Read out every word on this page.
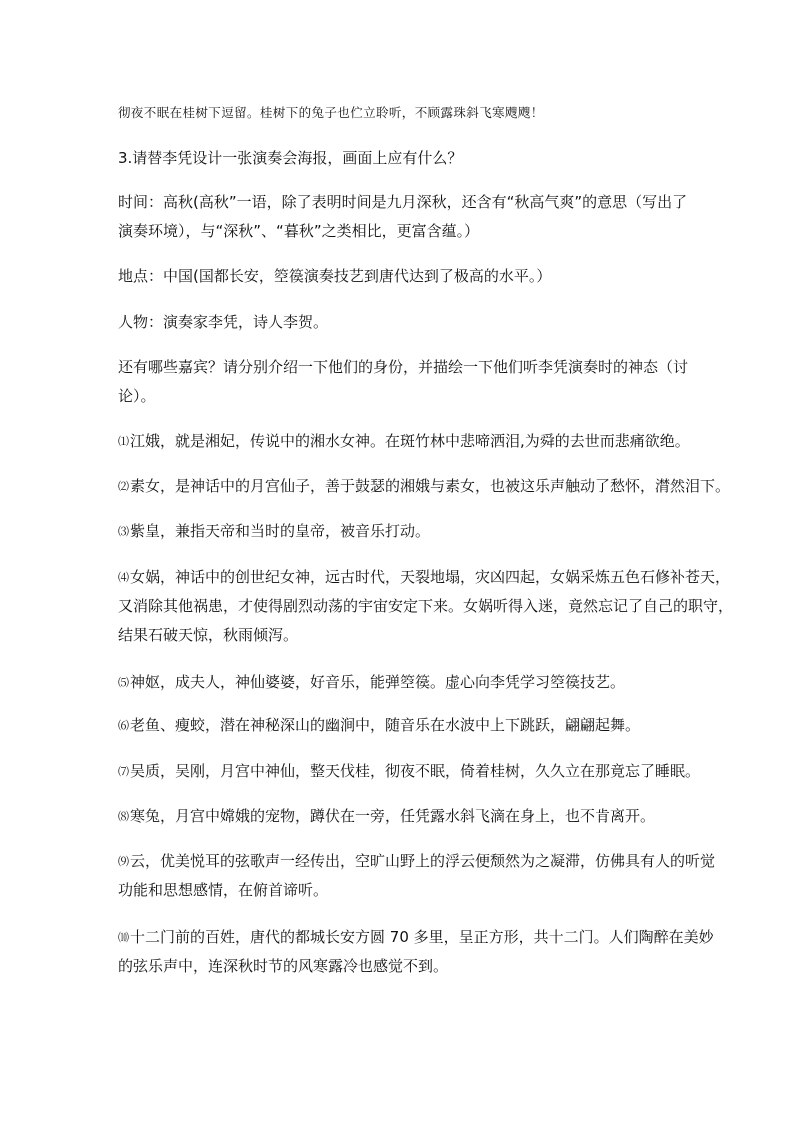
彻夜不眠在桂树下逗留。桂树下的兔子也伫立聆听，不顾露珠斜飞寒飕飕！
3.请替李凭设计一张演奏会海报，画面上应有什么？
时间：高秋(高秋”一语，除了表明时间是九月深秋，还含有“秋高气爽”的意思（写出了
演奏环境），与“深秋”、“暮秋”之类相比，更富含蕴。）
地点：中国(国都长安，箜篌演奏技艺到唐代达到了极高的水平。）
人物：演奏家李凭，诗人李贺。
还有哪些嘉宾？请分别介绍一下他们的身份，并描绘一下他们听李凭演奏时的神态（讨
论）。
⑴江娥，就是湘妃，传说中的湘水女神。在斑竹林中悲啼洒泪,为舜的去世而悲痛欲绝。
⑵素女，是神话中的月宫仙子，善于鼓瑟的湘娥与素女，也被这乐声触动了愁怀，潸然泪下。
⑶紫皇，兼指天帝和当时的皇帝，被音乐打动。
⑷女娲，神话中的创世纪女神，远古时代，天裂地塌，灾凶四起，女娲采炼五色石修补苍天，
又消除其他祸患，才使得剧烈动荡的宇宙安定下来。女娲听得入迷，竟然忘记了自己的职守，
结果石破天惊，秋雨倾泻。
⑸神妪，成夫人，神仙婆婆，好音乐，能弹箜篌。虚心向李凭学习箜篌技艺。
⑹老鱼、瘦蛟，潜在神秘深山的幽涧中，随音乐在水波中上下跳跃，翩翩起舞。
⑺吴质，吴刚，月宫中神仙，整天伐桂，彻夜不眠，倚着桂树，久久立在那竟忘了睡眠。
⑻寒兔，月宫中嫦娥的宠物，蹲伏在一旁，任凭露水斜飞滴在身上，也不肯离开。
⑼云，优美悦耳的弦歌声一经传出，空旷山野上的浮云便颓然为之凝滞，仿佛具有人的听觉
功能和思想感情，在俯首谛听。
⑽十二门前的百姓，唐代的都城长安方圆 70 多里，呈正方形，共十二门。人们陶醉在美妙
的弦乐声中，连深秋时节的风寒露冷也感觉不到。
